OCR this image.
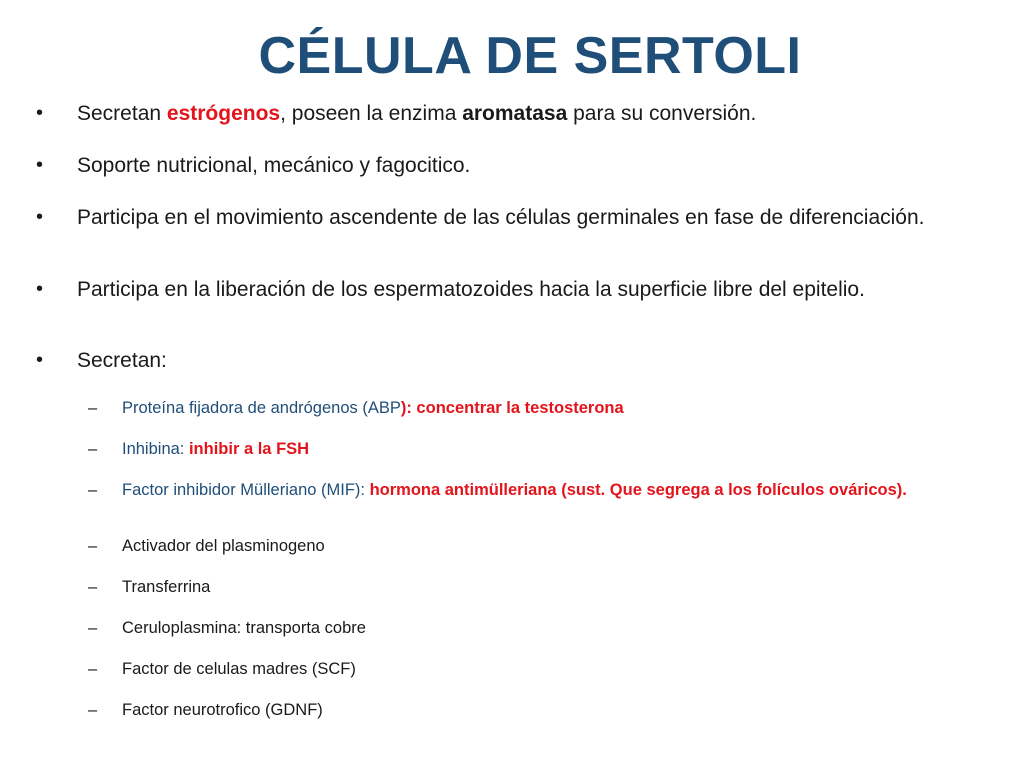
CÉLULA DE SERTOLI
• Secretan estrógenos, poseen la enzima aromatasa para su conversión.
• Soporte nutricional, mecánico y fagocitico.
• Participa en el movimiento ascendente de las células germinales en fase de diferenciación.
• Participa en la liberación de los espermatozoides hacia la superficie libre del epitelio.
• Secretan:
– Proteína fijadora de andrógenos (ABP): concentrar la testosterona
– Inhibina: inhibir a la FSH
– Factor inhibidor Mülleriano (MIF): hormona antimülleriana (sust. Que segrega a los folículos ováricos).
– Activador del plasminogeno
– Transferrina
– Ceruloplasmina: transporta cobre
– Factor de celulas madres (SCF)
– Factor neurotrofico (GDNF)
